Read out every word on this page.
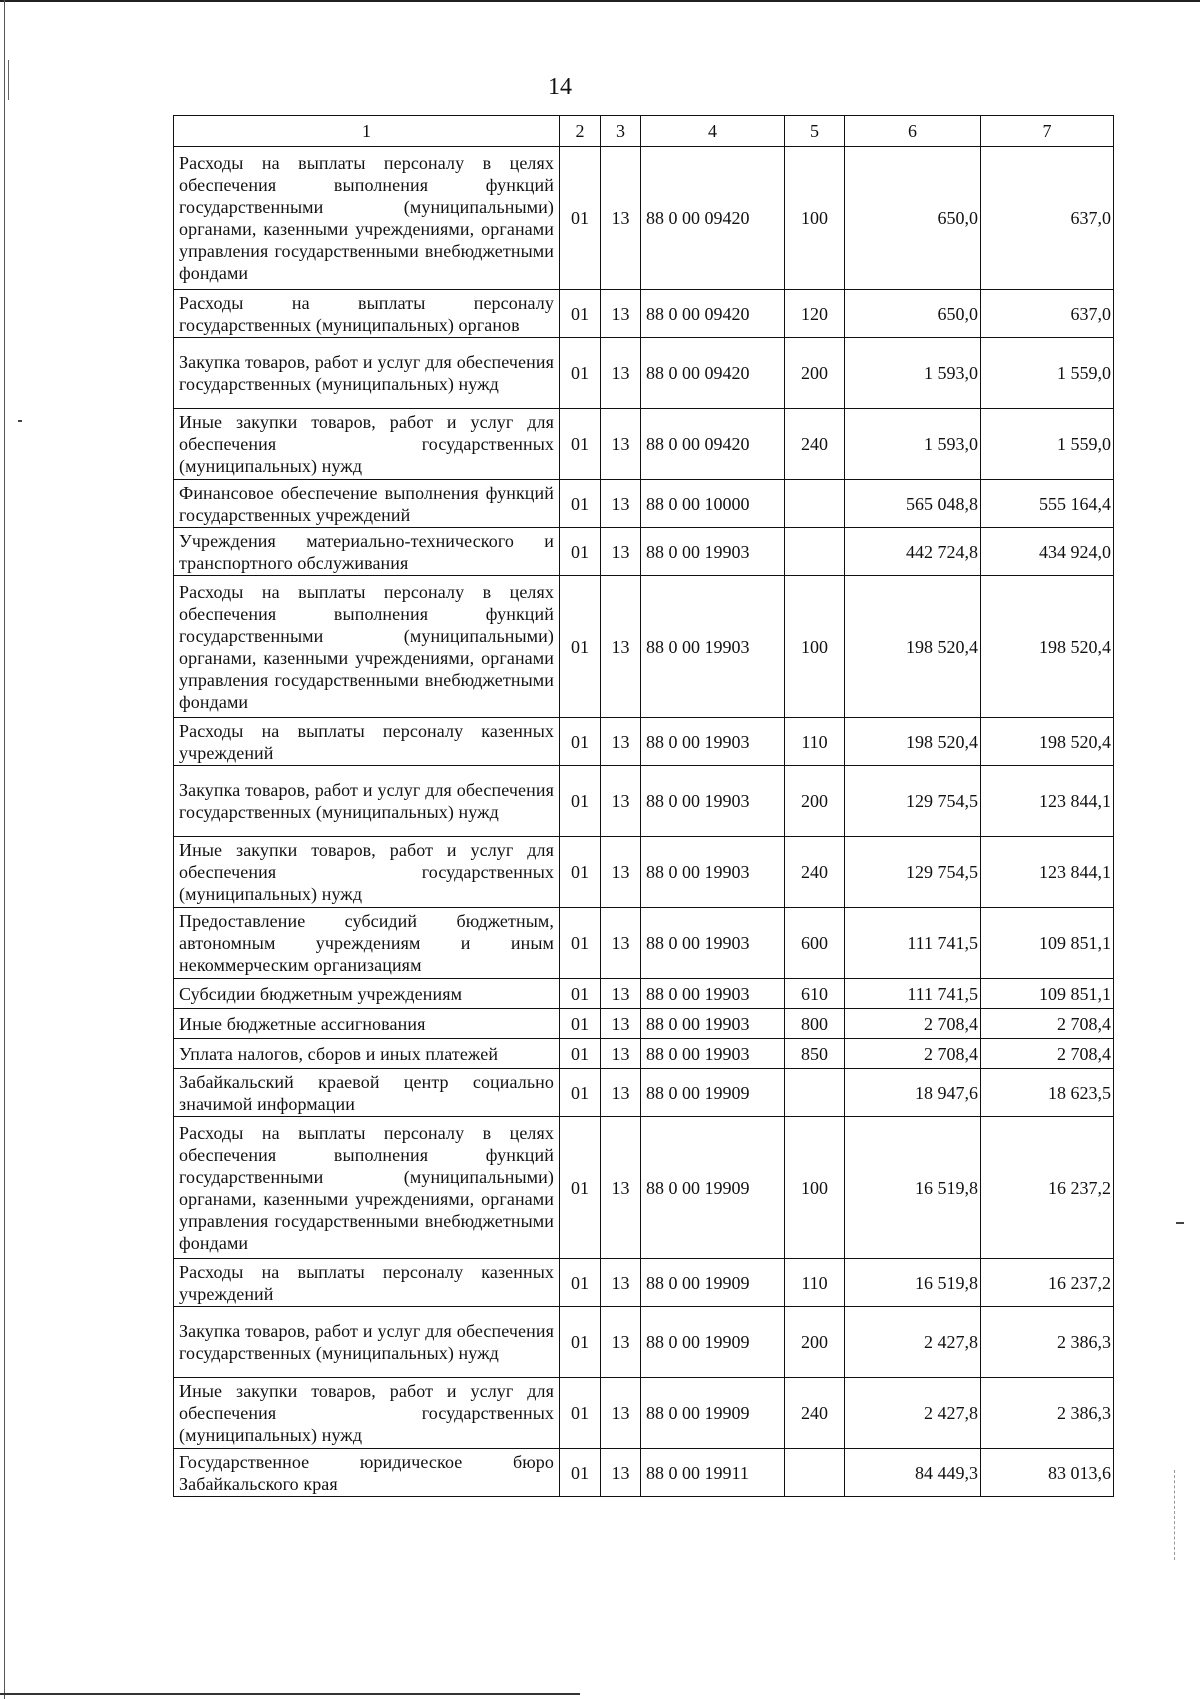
14
1	2	3	4	5	6	7
Расходы на выплаты персоналу в целях обеспечения выполнения функций государственными (муниципальными) органами, казенными учреждениями, органами управления государственными внебюджетными фондами	01	13	88 0 00 09420	100	650,0	637,0
Расходы на выплаты персоналу государственных (муниципальных) органов	01	13	88 0 00 09420	120	650,0	637,0
Закупка товаров, работ и услуг для обеспечения государственных (муниципальных) нужд	01	13	88 0 00 09420	200	1 593,0	1 559,0
Иные закупки товаров, работ и услуг для обеспечения государственных (муниципальных) нужд	01	13	88 0 00 09420	240	1 593,0	1 559,0
Финансовое обеспечение выполнения функций государственных учреждений	01	13	88 0 00 10000		565 048,8	555 164,4
Учреждения материально-технического и транспортного обслуживания	01	13	88 0 00 19903		442 724,8	434 924,0
Расходы на выплаты персоналу в целях обеспечения выполнения функций государственными (муниципальными) органами, казенными учреждениями, органами управления государственными внебюджетными фондами	01	13	88 0 00 19903	100	198 520,4	198 520,4
Расходы на выплаты персоналу казенных учреждений	01	13	88 0 00 19903	110	198 520,4	198 520,4
Закупка товаров, работ и услуг для обеспечения государственных (муниципальных) нужд	01	13	88 0 00 19903	200	129 754,5	123 844,1
Иные закупки товаров, работ и услуг для обеспечения государственных (муниципальных) нужд	01	13	88 0 00 19903	240	129 754,5	123 844,1
Предоставление субсидий бюджетным, автономным учреждениям и иным некоммерческим организациям	01	13	88 0 00 19903	600	111 741,5	109 851,1
Субсидии бюджетным учреждениям	01	13	88 0 00 19903	610	111 741,5	109 851,1
Иные бюджетные ассигнования	01	13	88 0 00 19903	800	2 708,4	2 708,4
Уплата налогов, сборов и иных платежей	01	13	88 0 00 19903	850	2 708,4	2 708,4
Забайкальский краевой центр социально значимой информации	01	13	88 0 00 19909		18 947,6	18 623,5
Расходы на выплаты персоналу в целях обеспечения выполнения функций государственными (муниципальными) органами, казенными учреждениями, органами управления государственными внебюджетными фондами	01	13	88 0 00 19909	100	16 519,8	16 237,2
Расходы на выплаты персоналу казенных учреждений	01	13	88 0 00 19909	110	16 519,8	16 237,2
Закупка товаров, работ и услуг для обеспечения государственных (муниципальных) нужд	01	13	88 0 00 19909	200	2 427,8	2 386,3
Иные закупки товаров, работ и услуг для обеспечения государственных (муниципальных) нужд	01	13	88 0 00 19909	240	2 427,8	2 386,3
Государственное юридическое бюро Забайкальского края	01	13	88 0 00 19911		84 449,3	83 013,6
